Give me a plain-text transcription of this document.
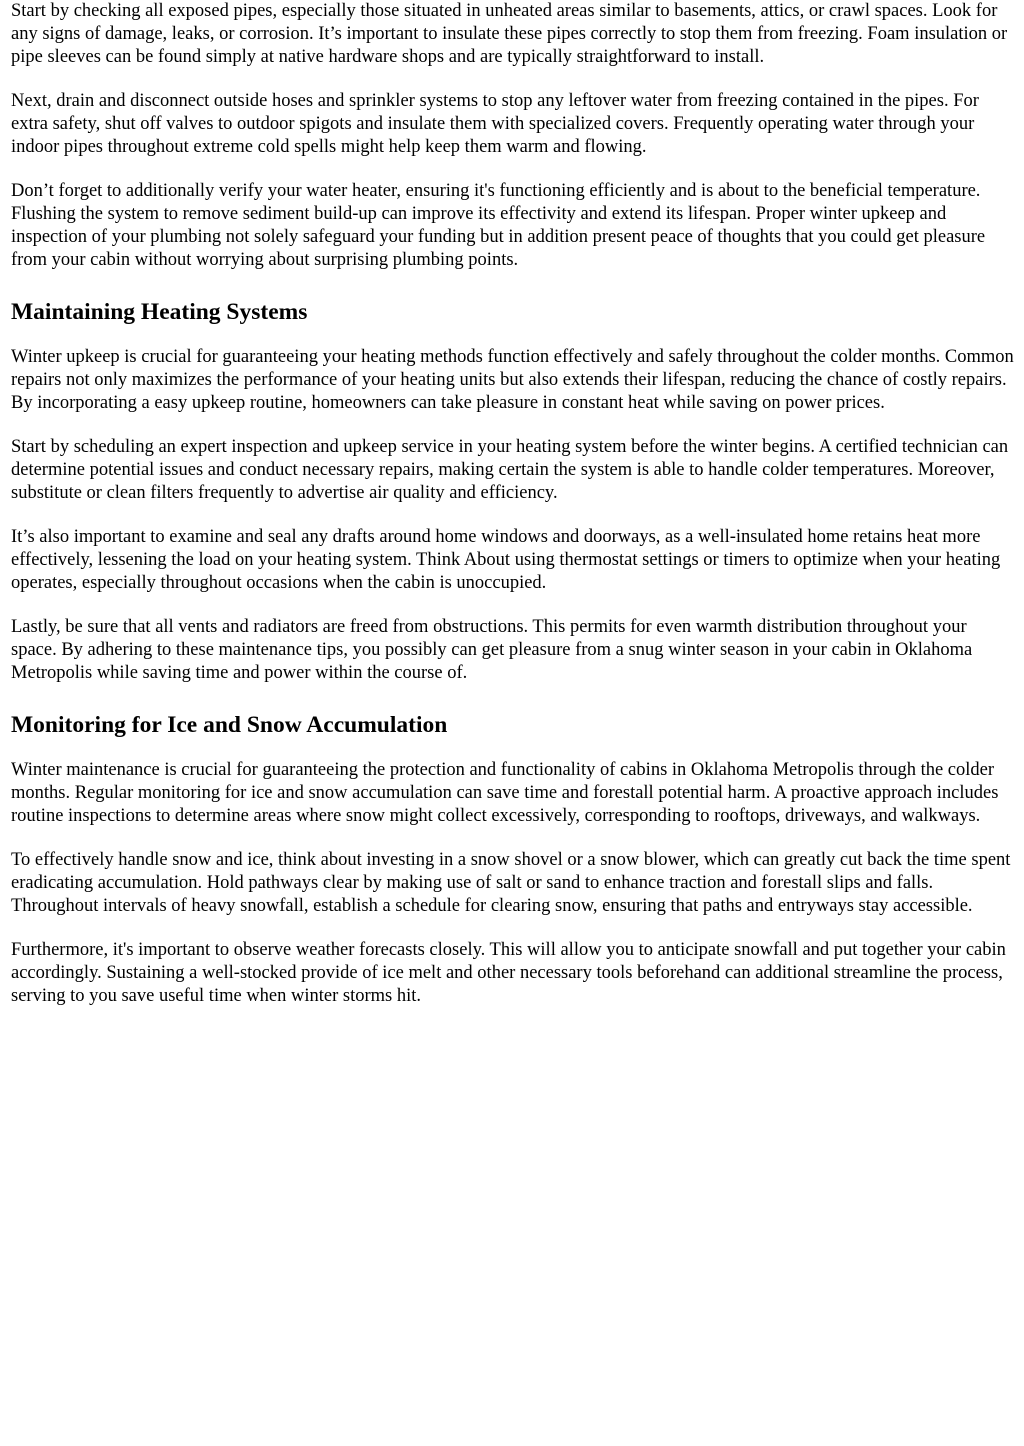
Start by checking all exposed pipes, especially those situated in unheated areas similar to basements, attics, or crawl spaces. Look for any signs of damage, leaks, or corrosion. It’s important to insulate these pipes correctly to stop them from freezing. Foam insulation or pipe sleeves can be found simply at native hardware shops and are typically straightforward to install.

Next, drain and disconnect outside hoses and sprinkler systems to stop any leftover water from freezing contained in the pipes. For extra safety, shut off valves to outdoor spigots and insulate them with specialized covers. Frequently operating water through your indoor pipes throughout extreme cold spells might help keep them warm and flowing.

Don’t forget to additionally verify your water heater, ensuring it's functioning efficiently and is about to the beneficial temperature. Flushing the system to remove sediment build-up can improve its effectivity and extend its lifespan. Proper winter upkeep and inspection of your plumbing not solely safeguard your funding but in addition present peace of thoughts that you could get pleasure from your cabin without worrying about surprising plumbing points.

Maintaining Heating Systems

Winter upkeep is crucial for guaranteeing your heating methods function effectively and safely throughout the colder months. Common repairs not only maximizes the performance of your heating units but also extends their lifespan, reducing the chance of costly repairs. By incorporating a easy upkeep routine, homeowners can take pleasure in constant heat while saving on power prices.

Start by scheduling an expert inspection and upkeep service in your heating system before the winter begins. A certified technician can determine potential issues and conduct necessary repairs, making certain the system is able to handle colder temperatures. Moreover, substitute or clean filters frequently to advertise air quality and efficiency.

It’s also important to examine and seal any drafts around home windows and doorways, as a well-insulated home retains heat more effectively, lessening the load on your heating system. Think About using thermostat settings or timers to optimize when your heating operates, especially throughout occasions when the cabin is unoccupied.

Lastly, be sure that all vents and radiators are freed from obstructions. This permits for even warmth distribution throughout your space. By adhering to these maintenance tips, you possibly can get pleasure from a snug winter season in your cabin in Oklahoma Metropolis while saving time and power within the course of.

Monitoring for Ice and Snow Accumulation

Winter maintenance is crucial for guaranteeing the protection and functionality of cabins in Oklahoma Metropolis through the colder months. Regular monitoring for ice and snow accumulation can save time and forestall potential harm. A proactive approach includes routine inspections to determine areas where snow might collect excessively, corresponding to rooftops, driveways, and walkways.

To effectively handle snow and ice, think about investing in a snow shovel or a snow blower, which can greatly cut back the time spent eradicating accumulation. Hold pathways clear by making use of salt or sand to enhance traction and forestall slips and falls. Throughout intervals of heavy snowfall, establish a schedule for clearing snow, ensuring that paths and entryways stay accessible.

Furthermore, it's important to observe weather forecasts closely. This will allow you to anticipate snowfall and put together your cabin accordingly. Sustaining a well-stocked provide of ice melt and other necessary tools beforehand can additional streamline the process, serving to you save useful time when winter storms hit.
